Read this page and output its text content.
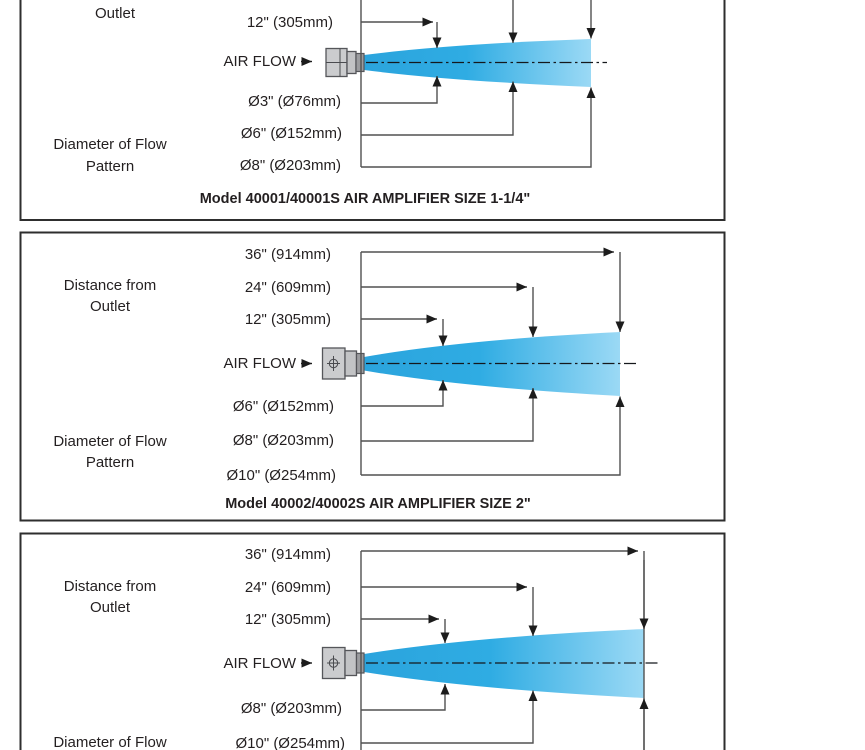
Outlet
12" (305mm)
AIR FLOW
Ø3" (Ø76mm)
Ø6" (Ø152mm)
Ø8" (Ø203mm)
Diameter of Flow
Pattern
Model 40001/40001S AIR AMPLIFIER SIZE 1-1/4"
36" (914mm)
Distance from	24" (609mm)
Outlet
12" (305mm)
AIR FLOW
Ø6" (Ø152mm)
Ø8" (Ø203mm)
Diameter of Flow
Pattern
Ø10" (Ø254mm)
Model 40002/40002S AIR AMPLIFIER SIZE 2"
36" (914mm)
Distance from	24" (609mm)
Outlet
12" (305mm)
AIR FLOW
Ø8" (Ø203mm)
Diameter of Flow	Ø10" (Ø254mm)
